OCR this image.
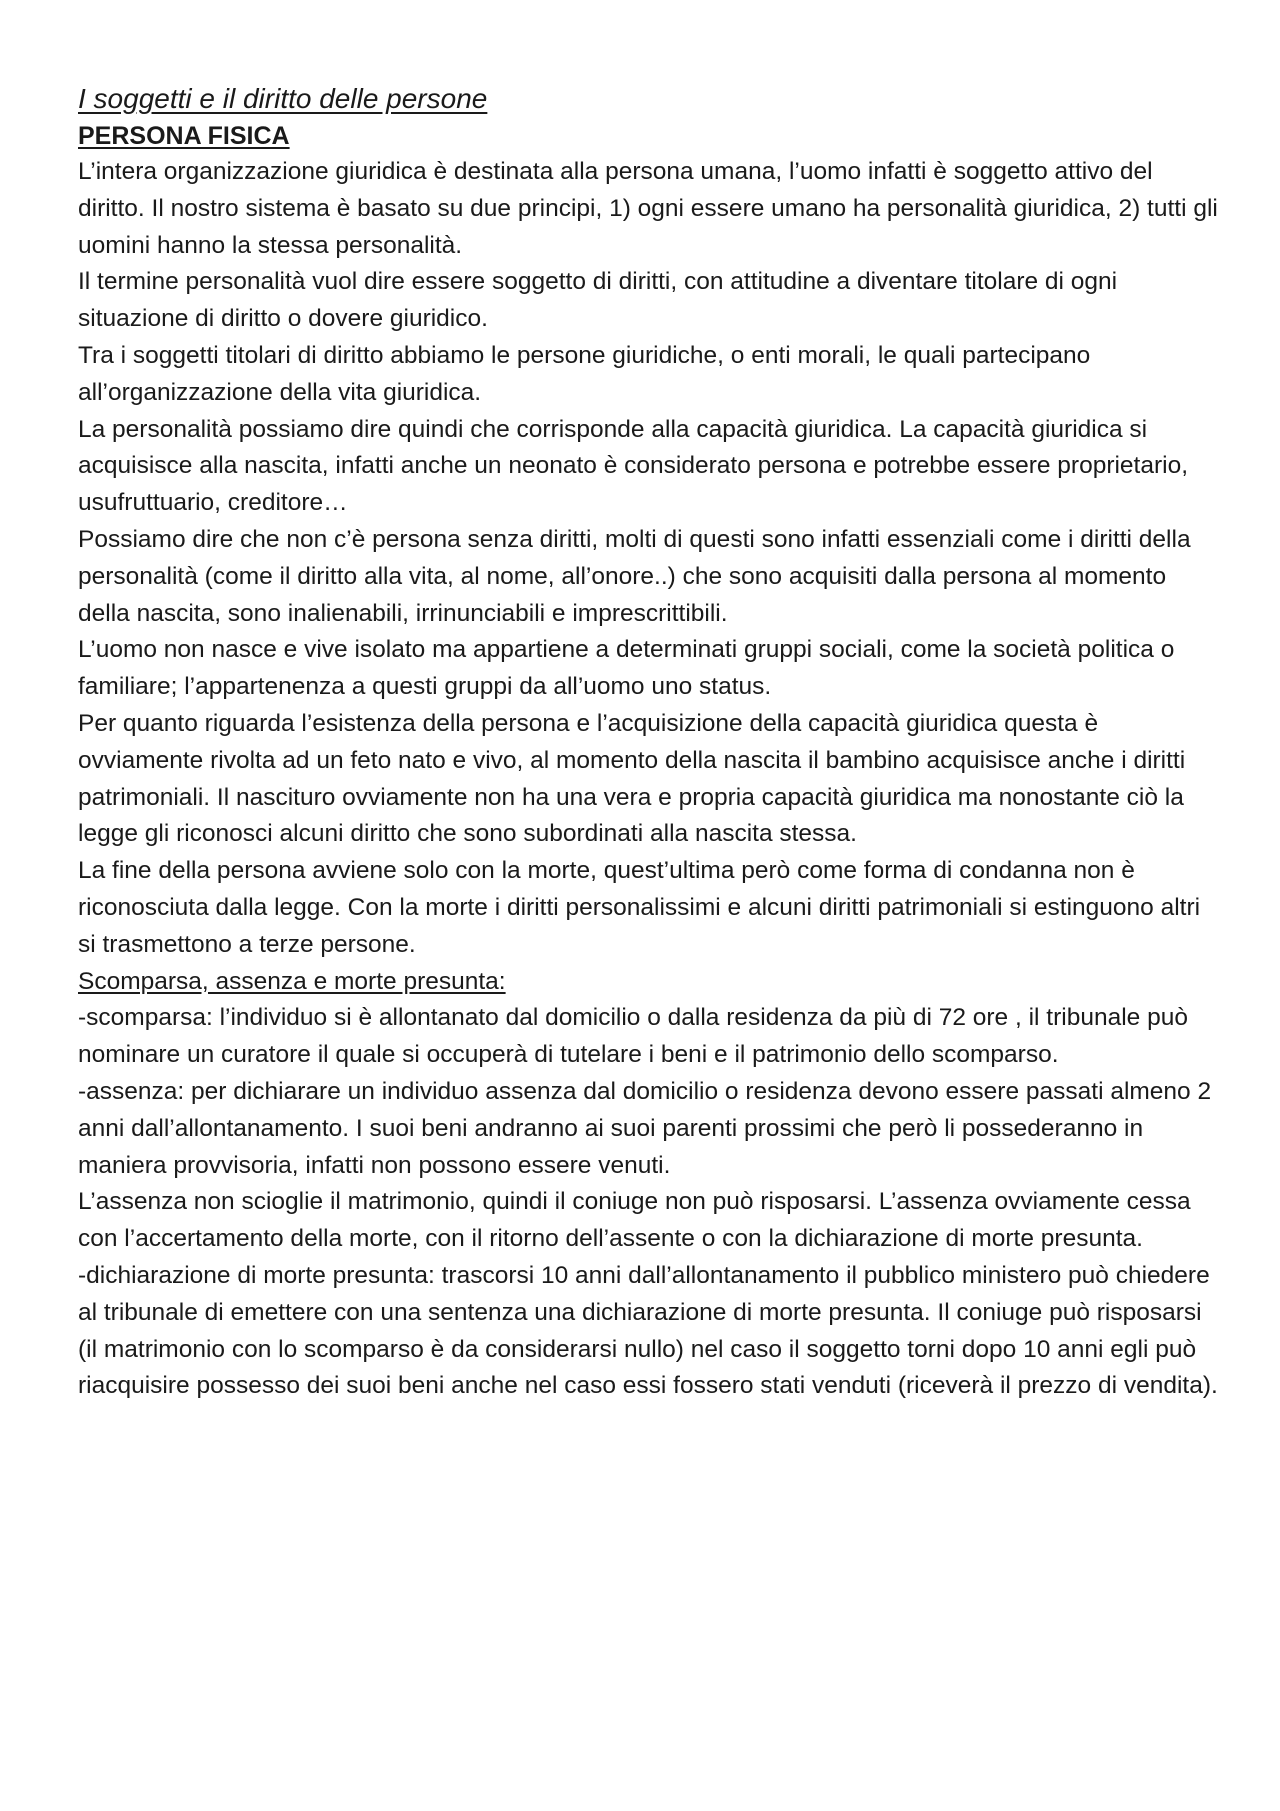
I soggetti e il diritto delle persone
PERSONA FISICA

L’intera organizzazione giuridica è destinata alla persona umana, l’uomo infatti è soggetto attivo del diritto. Il nostro sistema è basato su due principi, 1) ogni essere umano ha personalità giuridica, 2) tutti gli uomini hanno la stessa personalità.

Il termine personalità vuol dire essere soggetto di diritti, con attitudine a diventare titolare di ogni situazione di diritto o dovere giuridico.

Tra i soggetti titolari di diritto abbiamo le persone giuridiche, o enti morali, le quali partecipano all’organizzazione della vita giuridica.

La personalità possiamo dire quindi che corrisponde alla capacità giuridica. La capacità giuridica si acquisisce alla nascita, infatti anche un neonato è considerato persona e potrebbe essere proprietario, usufruttuario, creditore…

Possiamo dire che non c’è persona senza diritti, molti di questi sono infatti essenziali come i diritti della personalità (come il diritto alla vita, al nome, all’onore..) che sono acquisiti dalla persona al momento della nascita, sono inalienabili, irrinunciabili e imprescrittibili.

L’uomo non nasce e vive isolato ma appartiene a determinati gruppi sociali, come la società politica o familiare; l’appartenenza a questi gruppi da all’uomo uno status.

Per quanto riguarda l’esistenza della persona e l’acquisizione della capacità giuridica questa è ovviamente rivolta ad un feto nato e vivo, al momento della nascita il bambino acquisisce anche i diritti patrimoniali. Il nascituro ovviamente non ha una vera e propria capacità giuridica ma nonostante ciò la legge gli riconosci alcuni diritto che sono subordinati alla nascita stessa.

La fine della persona avviene solo con la morte, quest’ultima però come forma di condanna non è riconosciuta dalla legge. Con la morte i diritti personalissimi e alcuni diritti patrimoniali si estinguono altri si trasmettono a terze persone.

Scomparsa, assenza e morte presunta:

-scomparsa: l’individuo si è allontanato dal domicilio o dalla residenza da più di 72 ore , il tribunale può nominare un curatore il quale si occuperà di tutelare i beni e il patrimonio dello scomparso.

-assenza: per dichiarare un individuo assenza dal domicilio o residenza devono essere passati almeno 2 anni dall’allontanamento. I suoi beni andranno ai suoi parenti prossimi che però li possederanno in maniera provvisoria, infatti non possono essere venuti.

L’assenza non scioglie il matrimonio, quindi il coniuge non può risposarsi. L’assenza ovviamente cessa con l’accertamento della morte, con il ritorno dell’assente o con la dichiarazione di morte presunta.

-dichiarazione di morte presunta: trascorsi 10 anni dall’allontanamento il pubblico ministero può chiedere al tribunale di emettere con una sentenza una dichiarazione di morte presunta. Il coniuge può risposarsi (il matrimonio con lo scomparso è da considerarsi nullo) nel caso il soggetto torni dopo 10 anni egli può riacquisire possesso dei suoi beni anche nel caso essi fossero stati venduti (riceverà il prezzo di vendita).
